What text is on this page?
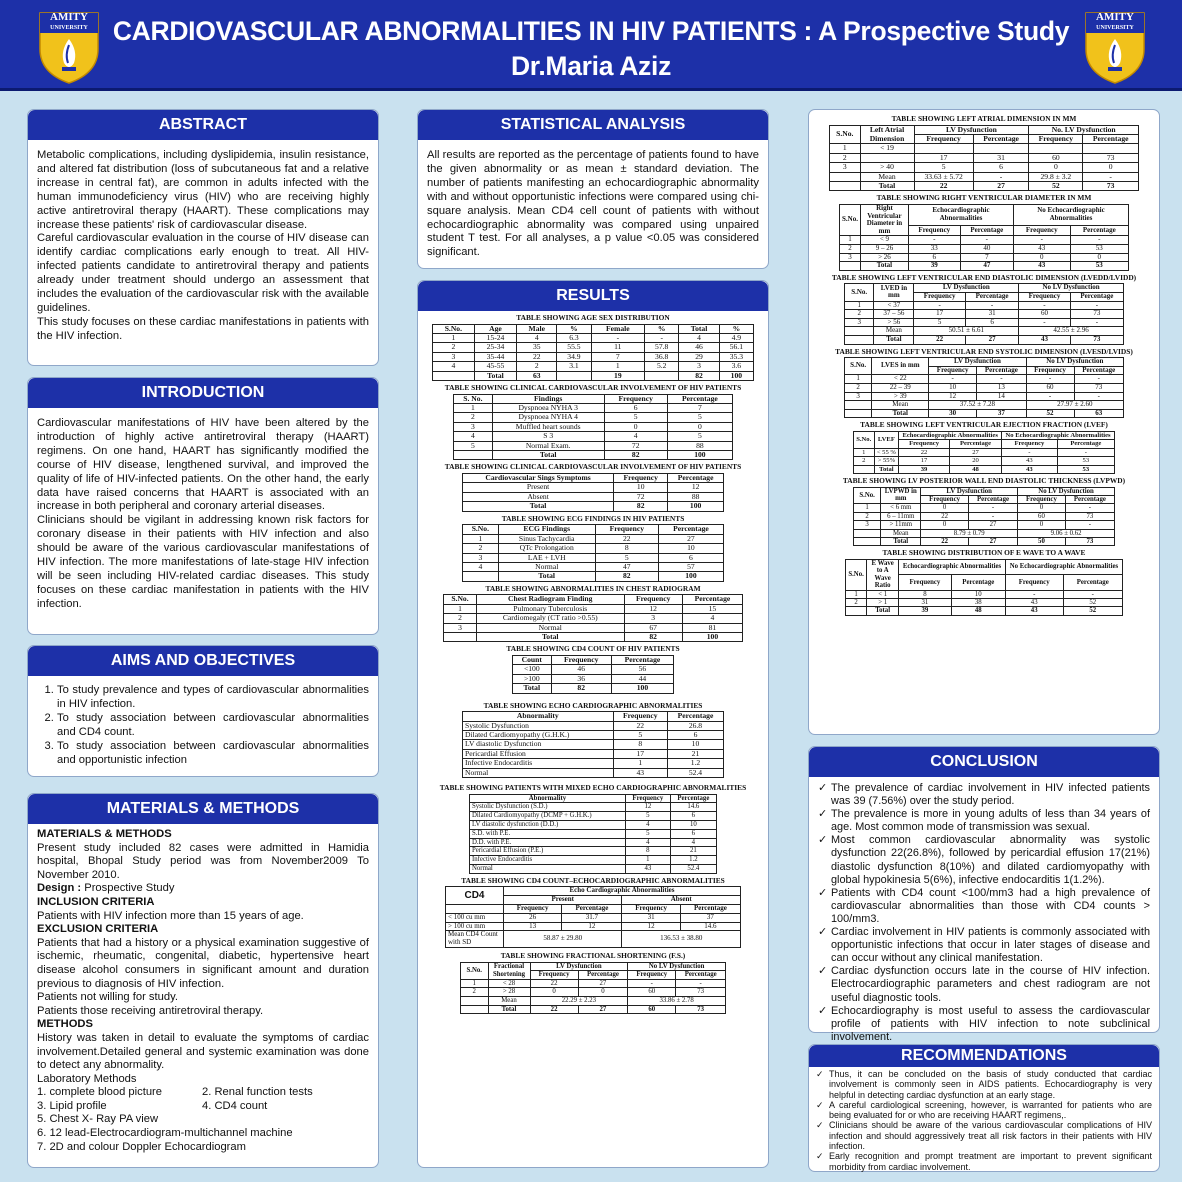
AMITY
UNIVERSITY
AMITY
UNIVERSITY
CARDIOVASCULAR ABNORMALITIES IN HIV PATIENTS : A Prospective Study
Dr.Maria Aziz
ABSTRACT

Metabolic complications, including dyslipidemia, insulin resistance, and altered fat distribution (loss of subcutaneous fat and a relative increase in central fat), are common in adults infected with the human immunodeficiency virus (HIV) who are receiving highly active antiretroviral therapy (HAART). These complications may increase these patients' risk of cardiovascular disease.

Careful cardiovascular evaluation in the course of HIV disease can identify cardiac complications early enough to treat. All HIV-infected patients candidate to antiretroviral therapy and patients already under treatment should undergo an assessment that includes the evaluation of the cardiovascular risk with the available guidelines.

This study focuses on these cardiac manifestations in patients with the HIV infection.

INTRODUCTION

Cardiovascular manifestations of HIV have been altered by the introduction of highly active antiretroviral therapy (HAART) regimens. On one hand, HAART has significantly modified the course of HIV disease, lengthened survival, and improved the quality of life of HIV-infected patients. On the other hand, the early data have raised concerns that HAART is associated with an increase in both peripheral and coronary arterial diseases.

Clinicians should be vigilant in addressing known risk factors for coronary disease in their patients with HIV infection and also should be aware of the various cardiovascular manifestations of HIV infection. The more manifestations of late-stage HIV infection will be seen including HIV-related cardiac diseases. This study focuses on these cardiac manifestation in patients with the HIV infection.

AIMS AND OBJECTIVES
1. To study prevalence and types of cardiovascular abnormalities in HIV infection.
2. To study association between cardiovascular abnormalities and CD4 count.
3. To study association between cardiovascular abnormalities and opportunistic infection
MATERIALS & METHODS

MATERIALS & METHODS

Present study included 82 cases were admitted in Hamidia hospital, Bhopal Study period was from November2009 To November 2010.

Design : Prospective Study

INCLUSION CRITERIA

Patients with HIV infection more than 15 years of age.

EXCLUSION CRITERIA

Patients that had a history or a physical examination suggestive of ischemic, rheumatic, congenital, diabetic, hypertensive heart disease alcohol consumers in significant amount and duration previous to diagnosis of HIV infection.

Patients not willing for study.

Patients those receiving antiretroviral therapy.

METHODS

History was taken in detail to evaluate the symptoms of cardiac involvement.Detailed general and systemic examination was done to detect any abnormality.

Laboratory Methods

1. complete blood picture	2. Renal function tests
3. Lipid profile	4. CD4 count

5. Chest X- Ray PA view

6. 12 lead-Electrocardiogram-multichannel machine

7. 2D and colour Doppler Echocardiogram

STATISTICAL ANALYSIS

All results are reported as the percentage of patients found to have the given abnormality or as mean ± standard deviation. The number of patients manifesting an echocardiographic abnormality with and without opportunistic infections were compared using chi-square analysis. Mean CD4 cell count of patients with without echocardiographic abnormality was compared using unpaired student T test. For all analyses, a p value <0.05 was considered significant.

RESULTS
TABLE SHOWING AGE SEX DISTRIBUTION
S.No.	Age	Male	%	Female	%	Total	%
1	15-24	4	6.3	-	-	4	4.9
2	25-34	35	55.5	11	57.8	46	56.1
3	35-44	22	34.9	7	36.8	29	35.3
4	45-55	2	3.1	1	5.2	3	3.6
	Total	63		19		82	100
TABLE SHOWING CLINICAL CARDIOVASCULAR INVOLVEMENT OF HIV PATIENTS
S. No.	Findings	Frequency	Percentage
1	Dyspnoea NYHA 3	6	7
2	Dyspnoea NYHA 4	5	5
3	Muffled heart sounds	0	0
4	S 3	4	5
5	Normal Exam.	72	88
	Total	82	100
TABLE SHOWING CLINICAL CARDIOVASCULAR INVOLVEMENT OF HIV PATIENTS
Cardiovascular Sings Symptoms	Frequency	Percentage
Present	10	12
Absent	72	88
Total	82	100
TABLE SHOWING ECG FINDINGS IN HIV PATIENTS
S.No.	ECG Findings	Frequency	Percentage
1	Sinus Tachycardia	22	27
2	QTc Prolongation	8	10
3	LAE + LVH	5	6
4	Normal	47	57
	Total	82	100
TABLE SHOWING ABNORMALITIES IN CHEST RADIOGRAM
S.No.	Chest Radiogram Finding	Frequency	Percentage
1	Pulmonary Tuberculosis	12	15
2	Cardiomegaly (CT ratio >0.55)	3	4
3	Normal	67	81
	Total	82	100
TABLE SHOWING CD4 COUNT OF HIV PATIENTS
Count	Frequency	Percentage
<100	46	56
>100	36	44
Total	82	100
TABLE SHOWING ECHO CARDIOGRAPHIC ABNORMALITIES
Abnormality	Frequency	Percentage
Systolic Dysfunction	22	26.8
Dilated Cardiomyopathy (G.H.K.)	5	6
LV diastolic Dysfunction	8	10
Pericardial Effusion	17	21
Infective Endocarditis	1	1.2
Normal	43	52.4
TABLE SHOWING PATIENTS WITH MIXED ECHO CARDIOGRAPHIC ABNORMALITIES
Abnormality	Frequency	Percentage
Systolic Dysfunction (S.D.)	12	14.6
Dilated Cardiomyopathy (DCMP + G.H.K.)	5	6
LV diastolic dysfunction (D.D.)	4	10
S.D. with P.E.	5	6
D.D. with P.E.	4	4
Pericardial Effusion (P.E.)	8	21
Infective Endocarditis	1	1.2
Normal	43	52.4
TABLE SHOWING CD4 COUNT–ECHOCARDIOGRAPHIC ABNORMALITIES
CD4	Echo Cardiographic Abnormalities			
	Present		Absent	
	Frequency	Percentage	Frequency	Percentage
< 100 cu mm	26	31.7	31	37
> 100 cu mm	13	12	12	14.6
Mean CD4 Count with SD	58.87 ± 29.80		136.53 ± 38.80	
TABLE SHOWING FRACTIONAL SHORTENING (F.S.)
S.No.	Fractional Shortening	LV Dysfunction		No LV Dysfunction	
		Frequency	Percentage	Frequency	Percentage
1	< 28	22	27	-	-
2	> 28	0	0	60	73
	Mean	22.29 ± 2.23		33.86 ± 2.78	
	Total	22	27	60	73
TABLE SHOWING LEFT ATRIAL DIMENSION IN MM
S.No.	Left Atrial Dimension	LV Dysfunction		No. LV Dysfunction	
		Frequency	Percentage	Frequency	Percentage
1	< 19				
2		17	31	60	73
3	> 40	5	6	0	0
	Mean	33.63 ± 5.72	-	29.8 ± 3.2	-
	Total	22	27	52	73
TABLE SHOWING RIGHT VENTRICULAR DIAMETER IN MM
S.No.	Right Ventricular Diameter in mm	Echocardiographic Abnormalities		No Echocardiographic Abnormalities	
		Frequency	Percentage	Frequency	Percentage
1	< 9	-	-	-	-
2	9 – 26	33	40	43	53
3	> 26	6	7	0	0
	Total	39	47	43	53
TABLE SHOWING LEFT VENTRICULAR END DIASTOLIC DIMENSION (LVEDD/LVIDD)
S.No.	LVED in mm	LV Dysfunction		No LV Dysfunction	
		Frequency	Percentage	Frequency	Percentage
1	< 37	-	-	-	-
2	37 – 56	17	31	60	73
3	> 56	5	6	-	-
	Mean	50.51 ± 6.61		42.55 ± 2.96	
	Total	22	27	43	73
TABLE SHOWING LEFT VENTRICULAR END SYSTOLIC DIMENSION (LVESD/LVIDS)
S.No.	LVES in mm	LV Dysfunction		No LV Dysfunction	
		Frequency	Percentage	Frequency	Percentage
1	< 22	-	-	-	-
2	22 – 39	10	13	60	73
3	> 39	12	14	-	-
	Mean	37.52 ± 7.28		27.97 ± 2.60	
	Total	30	37	52	63
TABLE SHOWING LEFT VENTRICULAR EJECTION FRACTION (LVEF)
S.No.	LVEF	Echocardiographic Abnormalities		No Echocardiographic Abnormalities	
		Frequency	Percentage	Frequency	Percentage
1	< 55 %	22	27	-	-
2	> 55%	17	20	43	53
	Total	39	48	43	53
TABLE SHOWING LV POSTERIOR WALL END DIASTOLIC THICKNESS (LVPWD)
S.No.	LVPWD in mm	LV Dysfunction		No LV Dysfunction	
		Frequency	Percentage	Frequency	Percentage
1	< 6 mm	0	-	0	-
2	6 – 11mm	22	-	60	73
3	> 11mm	0	27	0	-
	Mean	8.79 ± 0.79		9.06 ± 0.62	
	Total	22	27	50	73
TABLE SHOWING DISTRIBUTION OF E WAVE TO A WAVE
S.No.	E Wave to A Wave Ratio	Echocardiographic Abnormalities		No Echocardiographic Abnormalities	
		Frequency	Percentage	Frequency	Percentage
1	< 1	8	10	-	-
2	> 1	31	38	43	52
	Total	39	48	43	52
CONCLUSION
✓ The prevalence of cardiac involvement in HIV infected patients was 39 (7.56%) over the study period.
✓ The prevalence is more in young adults of less than 34 years of age. Most common mode of transmission was sexual.
✓ Most common cardiovascular abnormality was systolic dysfunction 22(26.8%), followed by pericardial effusion 17(21%) diastolic dysfunction 8(10%) and dilated cardiomyopathy with global hypokinesia 5(6%), infective endocarditis 1(1.2%).
✓ Patients with CD4 count <100/mm3 had a high prevalence of cardiovascular abnormalities than those with CD4 counts > 100/mm3.
✓ Cardiac involvement in HIV patients is commonly associated with opportunistic infections that occur in later stages of disease and can occur without any clinical manifestation.
✓ Cardiac dysfunction occurs late in the course of HIV infection. Electrocardiographic parameters and chest radiogram are not useful diagnostic tools.
✓ Echocardiography is most useful to assess the cardiovascular profile of patients with HIV infection to note subclinical involvement.
RECOMMENDATIONS
✓ Thus, it can be concluded on the basis of study conducted that cardiac involvement is commonly seen in AIDS patients. Echocardiography is very helpful in detecting cardiac dysfunction at an early stage.
✓ A careful cardiological screening, however, is warranted for patients who are being evaluated for or who are receiving HAART regimens,.
✓ Clinicians should be aware of the various cardiovascular complications of HIV infection and should aggressively treat all risk factors in their patients with HIV infection.
✓ Early recognition and prompt treatment are important to prevent significant morbidity from cardiac involvement.
